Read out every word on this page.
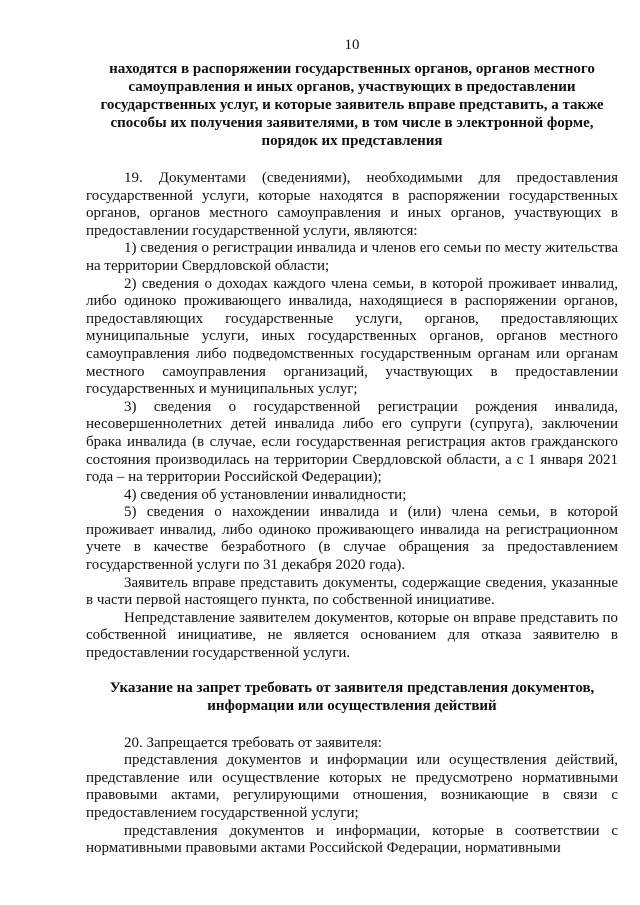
10
находятся в распоряжении государственных органов, органов местного самоуправления и иных органов, участвующих в предоставлении государственных услуг, и которые заявитель вправе представить, а также способы их получения заявителями, в том числе в электронной форме, порядок их представления

19. Документами (сведениями), необходимыми для предоставления государственной услуги, которые находятся в распоряжении государственных органов, органов местного самоуправления и иных органов, участвующих в предоставлении государственной услуги, являются:

1) сведения о регистрации инвалида и членов его семьи по месту жительства на территории Свердловской области;

2) сведения о доходах каждого члена семьи, в которой проживает инвалид, либо одиноко проживающего инвалида, находящиеся в распоряжении органов, предоставляющих государственные услуги, органов, предоставляющих муниципальные услуги, иных государственных органов, органов местного самоуправления либо подведомственных государственным органам или органам местного самоуправления организаций, участвующих в предоставлении государственных и муниципальных услуг;

3) сведения о государственной регистрации рождения инвалида, несовершеннолетних детей инвалида либо его супруги (супруга), заключении брака инвалида (в случае, если государственная регистрация актов гражданского состояния производилась на территории Свердловской области, а с 1 января 2021 года – на территории Российской Федерации);

4) сведения об установлении инвалидности;

5) сведения о нахождении инвалида и (или) члена семьи, в которой проживает инвалид, либо одиноко проживающего инвалида на регистрационном учете в качестве безработного (в случае обращения за предоставлением государственной услуги по 31 декабря 2020 года).

Заявитель вправе представить документы, содержащие сведения, указанные в части первой настоящего пункта, по собственной инициативе.

Непредставление заявителем документов, которые он вправе представить по собственной инициативе, не является основанием для отказа заявителю в предоставлении государственной услуги.

Указание на запрет требовать от заявителя представления документов, информации или осуществления действий

20. Запрещается требовать от заявителя:

представления документов и информации или осуществления действий, представление или осуществление которых не предусмотрено нормативными правовыми актами, регулирующими отношения, возникающие в связи с предоставлением государственной услуги;

представления документов и информации, которые в соответствии с нормативными правовыми актами Российской Федерации, нормативными
